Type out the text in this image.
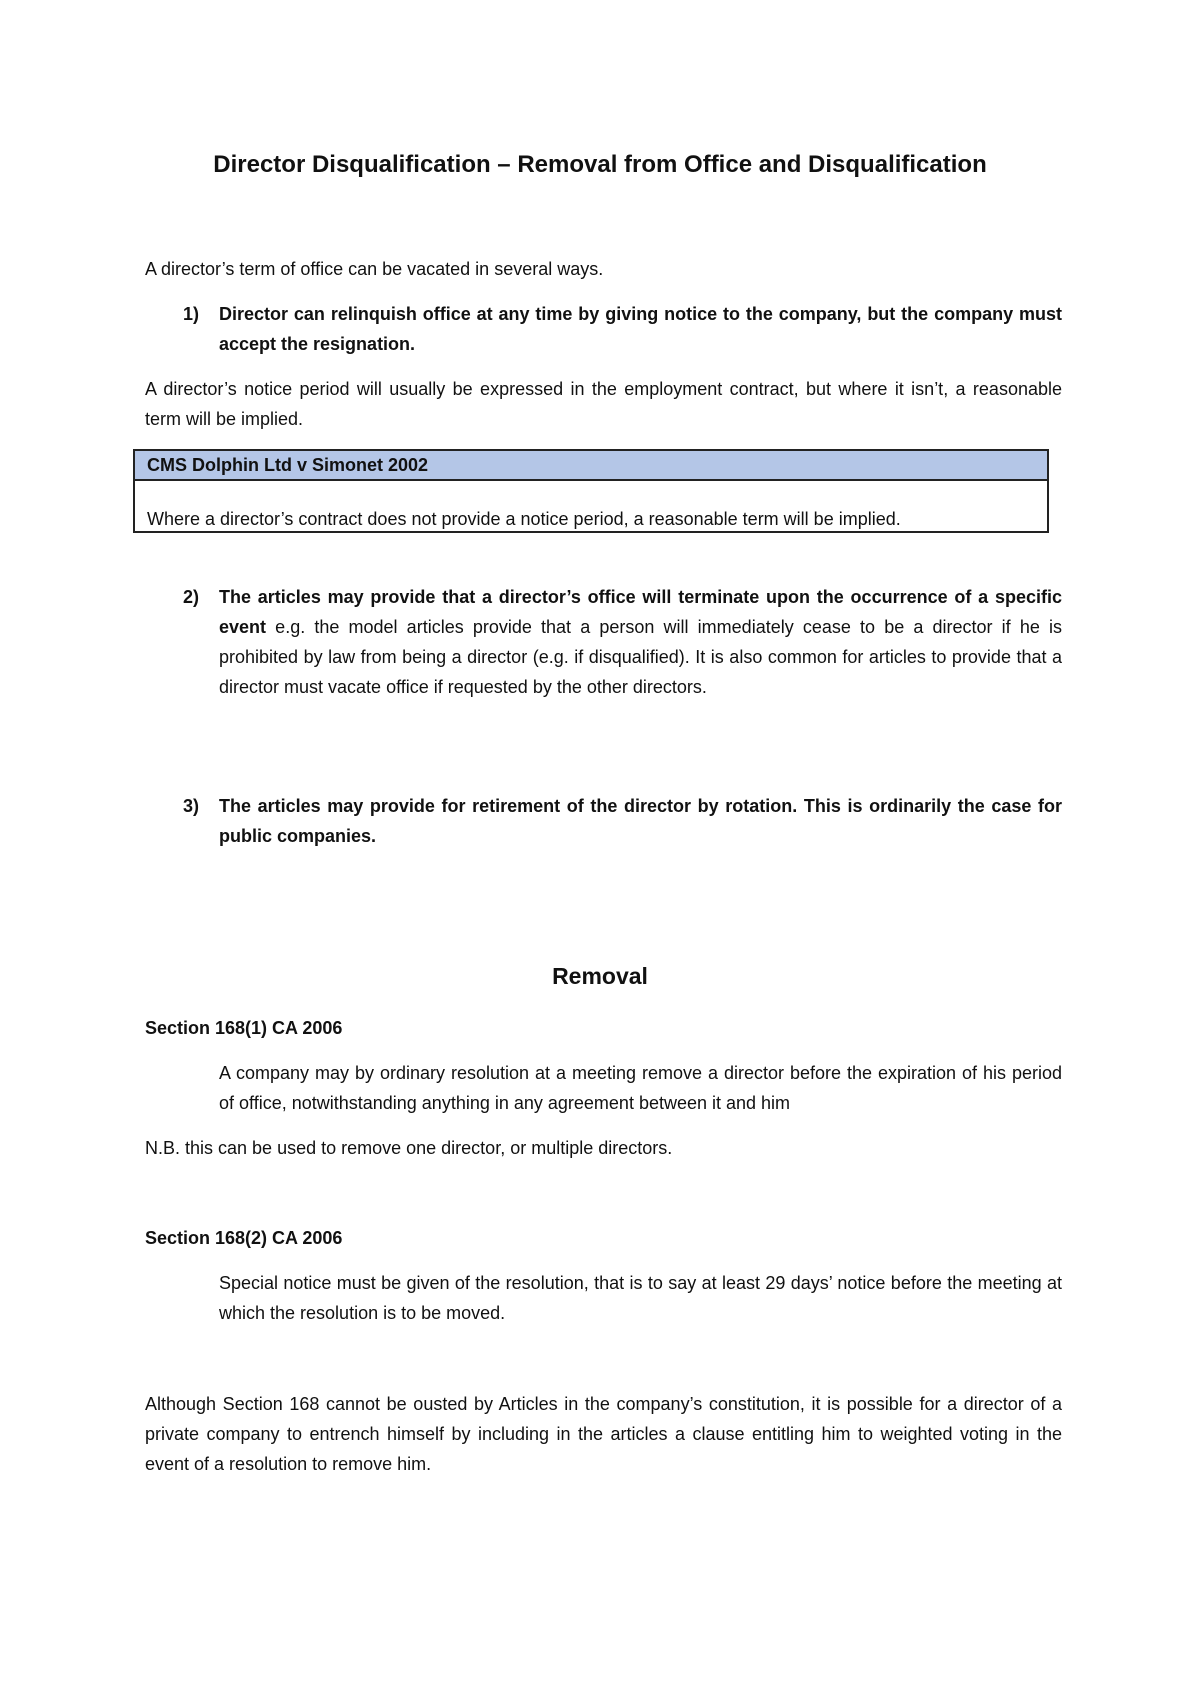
Director Disqualification – Removal from Office and Disqualification
A director’s term of office can be vacated in several ways.
1) Director can relinquish office at any time by giving notice to the company, but the company must accept the resignation.
A director’s notice period will usually be expressed in the employment contract, but where it isn’t, a reasonable term will be implied.
CMS Dolphin Ltd v Simonet 2002
Where a director’s contract does not provide a notice period, a reasonable term will be implied.
2) The articles may provide that a director’s office will terminate upon the occurrence of a specific event e.g. the model articles provide that a person will immediately cease to be a director if he is prohibited by law from being a director (e.g. if disqualified). It is also common for articles to provide that a director must vacate office if requested by the other directors.
3) The articles may provide for retirement of the director by rotation. This is ordinarily the case for public companies.
Removal
Section 168(1) CA 2006
A company may by ordinary resolution at a meeting remove a director before the expiration of his period of office, notwithstanding anything in any agreement between it and him
N.B. this can be used to remove one director, or multiple directors.
Section 168(2) CA 2006
Special notice must be given of the resolution, that is to say at least 29 days’ notice before the meeting at which the resolution is to be moved.
Although Section 168 cannot be ousted by Articles in the company’s constitution, it is possible for a director of a private company to entrench himself by including in the articles a clause entitling him to weighted voting in the event of a resolution to remove him.
